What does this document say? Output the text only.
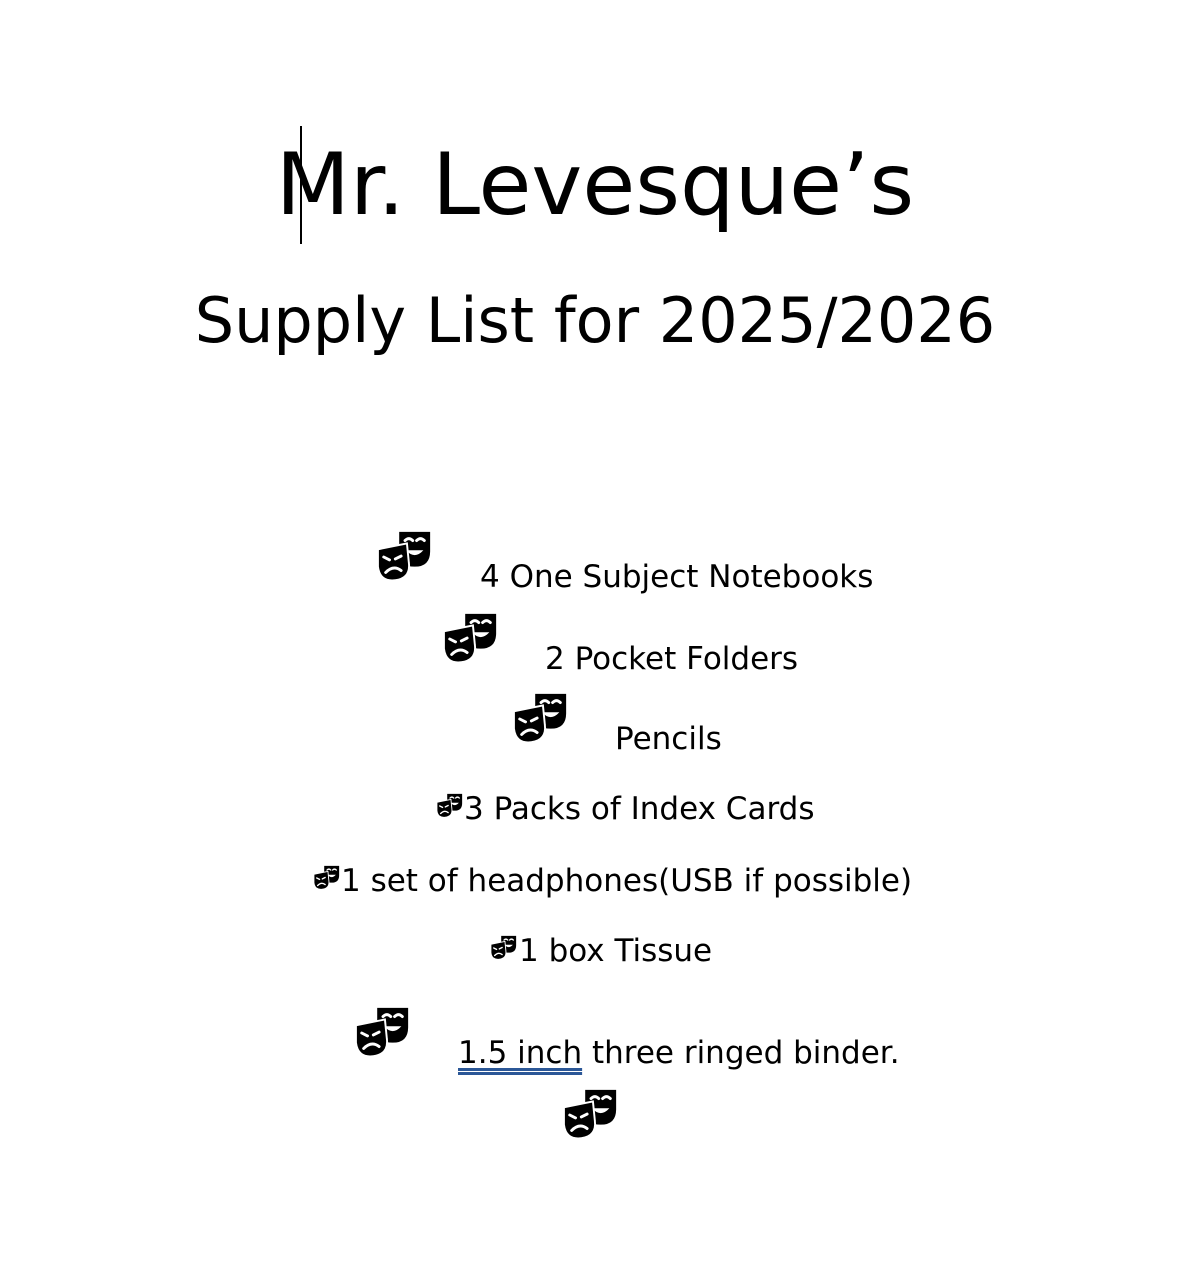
Mr. Levesque’s
Supply List for 2025/2026
4 One Subject Notebooks
2 Pocket Folders
Pencils
3 Packs of Index Cards
1 set of headphones(USB if possible)
1 box Tissue
1.5 inch three ringed binder.
